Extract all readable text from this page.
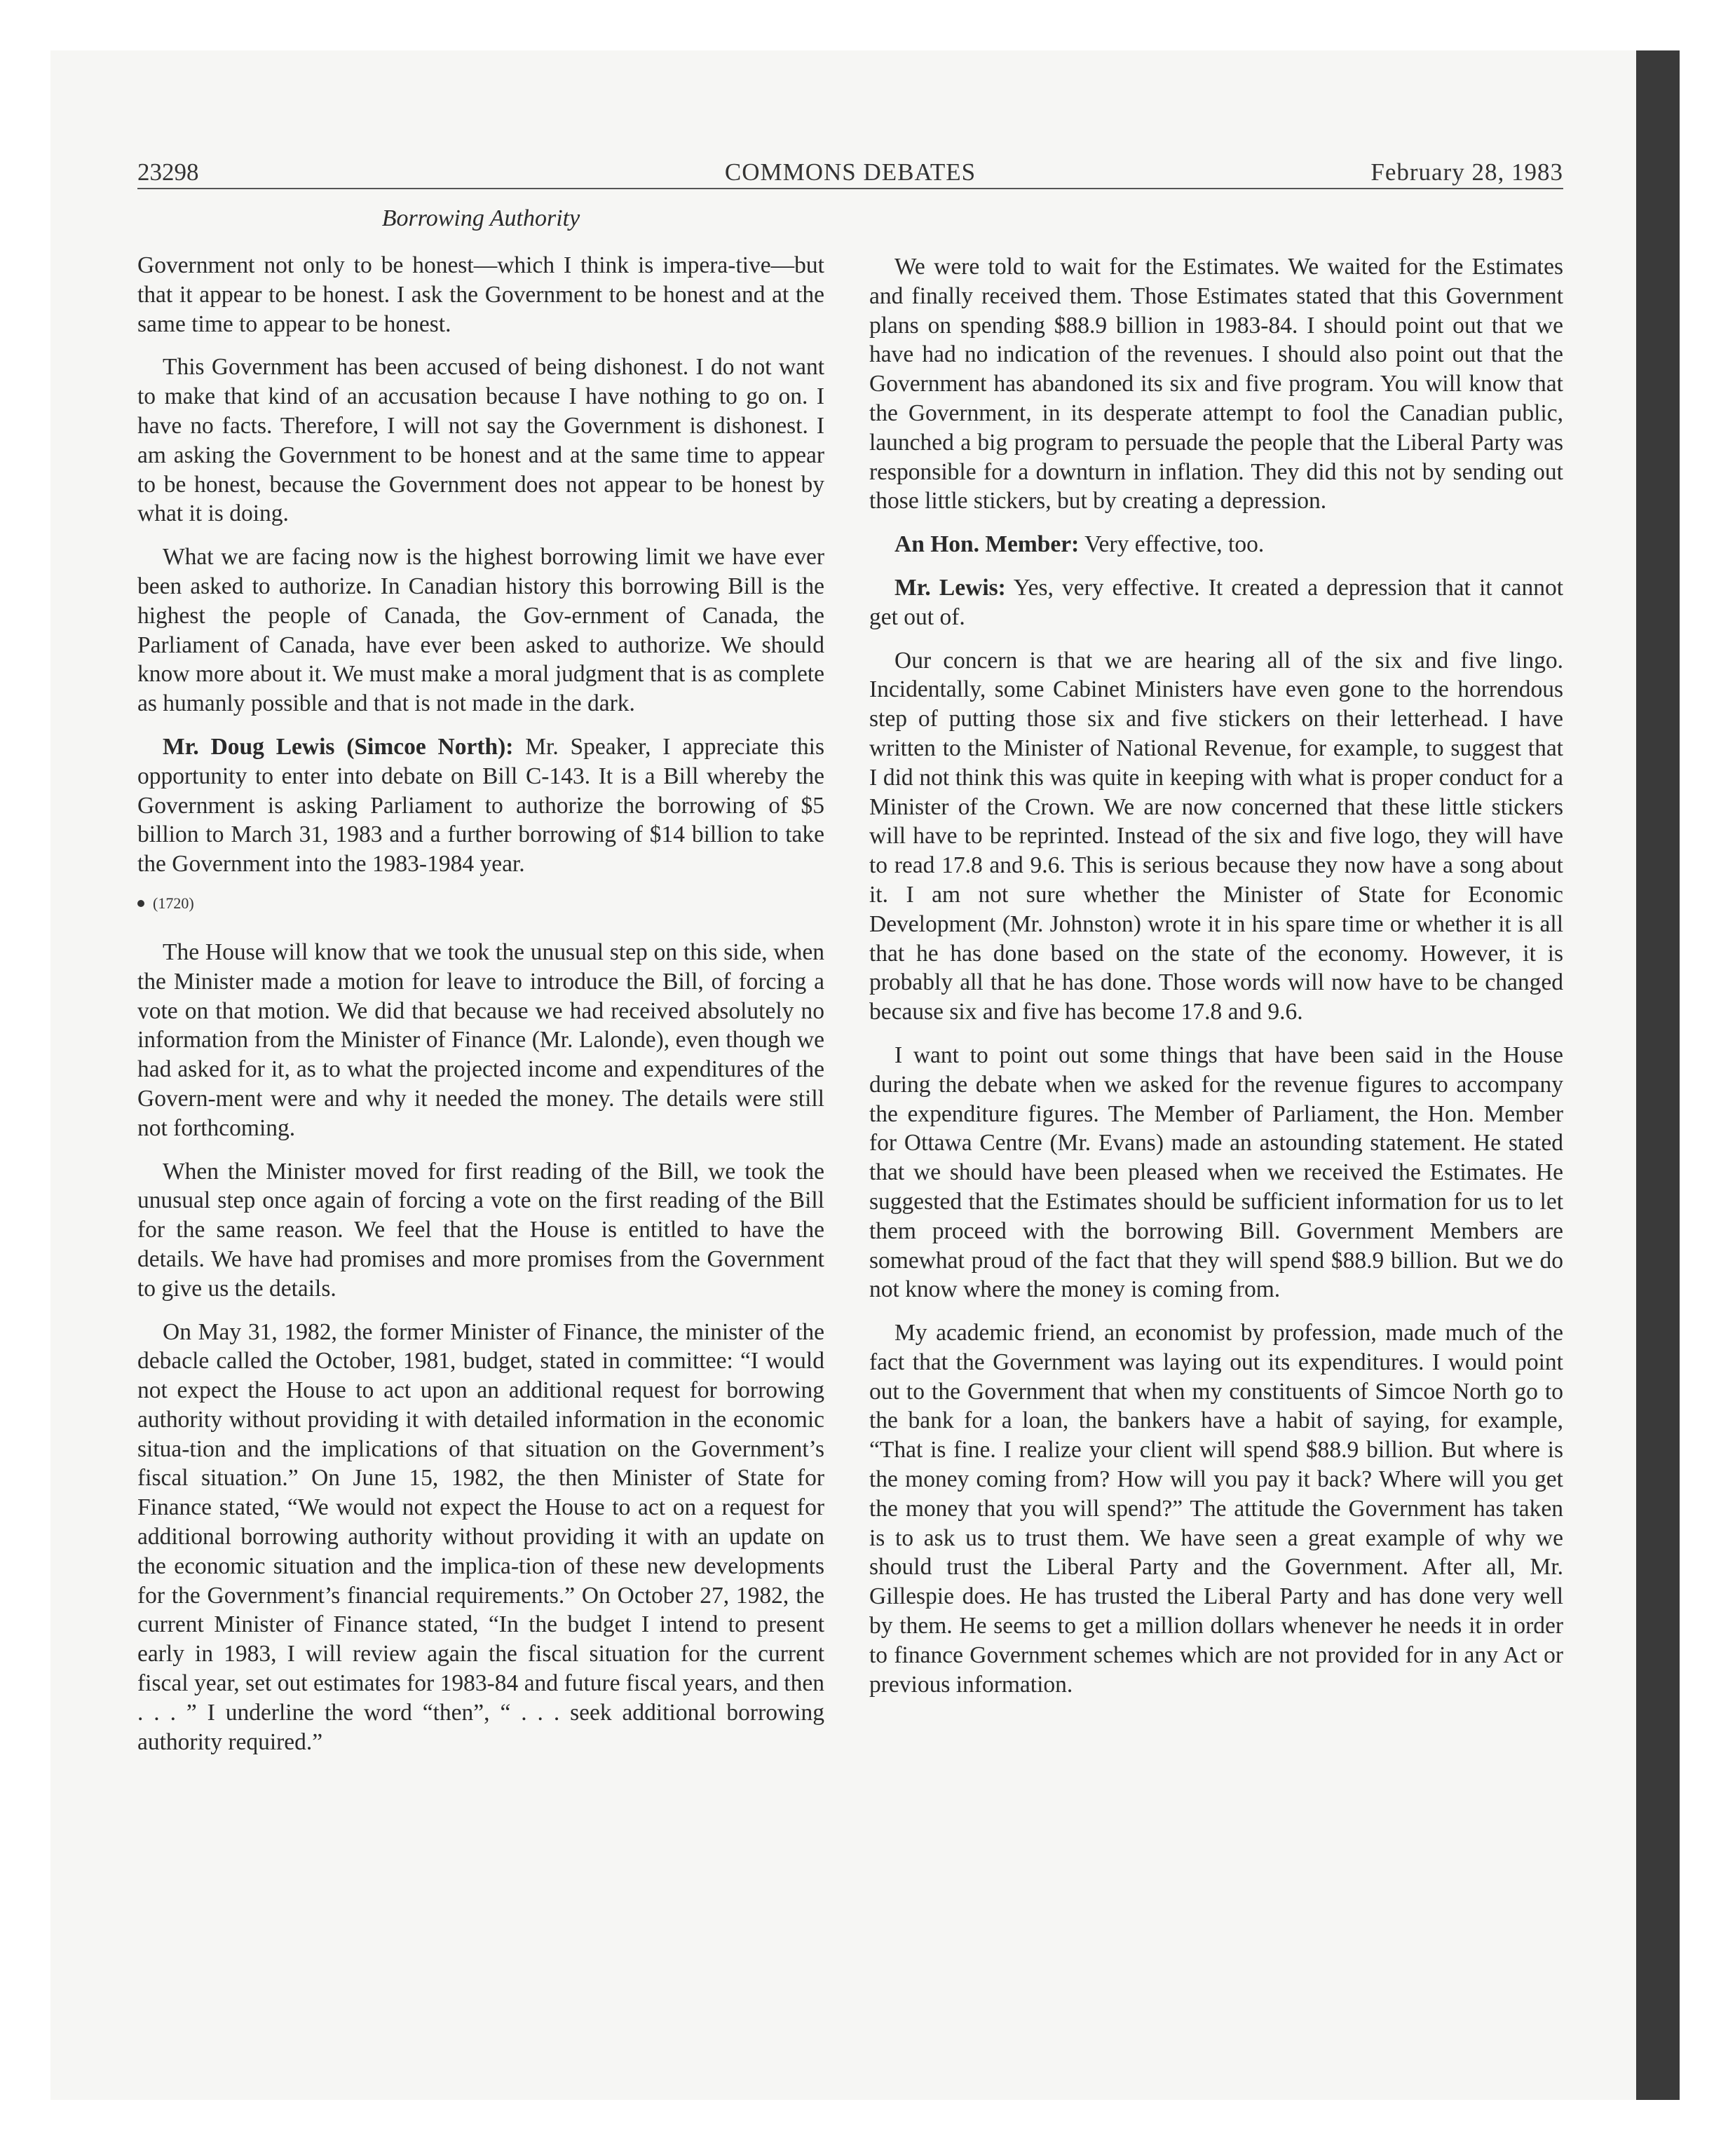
23298	COMMONS DEBATES	February 28, 1983
Borrowing Authority

Government not only to be honest—which I think is impera-tive—but that it appear to be honest. I ask the Government to be honest and at the same time to appear to be honest.

This Government has been accused of being dishonest. I do not want to make that kind of an accusation because I have nothing to go on. I have no facts. Therefore, I will not say the Government is dishonest. I am asking the Government to be honest and at the same time to appear to be honest, because the Government does not appear to be honest by what it is doing.

What we are facing now is the highest borrowing limit we have ever been asked to authorize. In Canadian history this borrowing Bill is the highest the people of Canada, the Gov-ernment of Canada, the Parliament of Canada, have ever been asked to authorize. We should know more about it. We must make a moral judgment that is as complete as humanly possible and that is not made in the dark.

Mr. Doug Lewis (Simcoe North): Mr. Speaker, I appreciate this opportunity to enter into debate on Bill C-143. It is a Bill whereby the Government is asking Parliament to authorize the borrowing of $5 billion to March 31, 1983 and a further borrowing of $14 billion to take the Government into the 1983-1984 year.

(1720)

The House will know that we took the unusual step on this side, when the Minister made a motion for leave to introduce the Bill, of forcing a vote on that motion. We did that because we had received absolutely no information from the Minister of Finance (Mr. Lalonde), even though we had asked for it, as to what the projected income and expenditures of the Govern-ment were and why it needed the money. The details were still not forthcoming.

When the Minister moved for first reading of the Bill, we took the unusual step once again of forcing a vote on the first reading of the Bill for the same reason. We feel that the House is entitled to have the details. We have had promises and more promises from the Government to give us the details.

On May 31, 1982, the former Minister of Finance, the minister of the debacle called the October, 1981, budget, stated in committee: “I would not expect the House to act upon an additional request for borrowing authority without providing it with detailed information in the economic situa-tion and the implications of that situation on the Government’s fiscal situation.” On June 15, 1982, the then Minister of State for Finance stated, “We would not expect the House to act on a request for additional borrowing authority without providing it with an update on the economic situation and the implica-tion of these new developments for the Government’s financial requirements.” On October 27, 1982, the current Minister of Finance stated, “In the budget I intend to present early in 1983, I will review again the fiscal situation for the current fiscal year, set out estimates for 1983-84 and future fiscal years, and then . . . ” I underline the word “then”, “ . . . seek additional borrowing authority required.”

We were told to wait for the Estimates. We waited for the Estimates and finally received them. Those Estimates stated that this Government plans on spending $88.9 billion in 1983-84. I should point out that we have had no indication of the revenues. I should also point out that the Government has abandoned its six and five program. You will know that the Government, in its desperate attempt to fool the Canadian public, launched a big program to persuade the people that the Liberal Party was responsible for a downturn in inflation. They did this not by sending out those little stickers, but by creating a depression.

An Hon. Member: Very effective, too.

Mr. Lewis: Yes, very effective. It created a depression that it cannot get out of.

Our concern is that we are hearing all of the six and five lingo. Incidentally, some Cabinet Ministers have even gone to the horrendous step of putting those six and five stickers on their letterhead. I have written to the Minister of National Revenue, for example, to suggest that I did not think this was quite in keeping with what is proper conduct for a Minister of the Crown. We are now concerned that these little stickers will have to be reprinted. Instead of the six and five logo, they will have to read 17.8 and 9.6. This is serious because they now have a song about it. I am not sure whether the Minister of State for Economic Development (Mr. Johnston) wrote it in his spare time or whether it is all that he has done based on the state of the economy. However, it is probably all that he has done. Those words will now have to be changed because six and five has become 17.8 and 9.6.

I want to point out some things that have been said in the House during the debate when we asked for the revenue figures to accompany the expenditure figures. The Member of Parliament, the Hon. Member for Ottawa Centre (Mr. Evans) made an astounding statement. He stated that we should have been pleased when we received the Estimates. He suggested that the Estimates should be sufficient information for us to let them proceed with the borrowing Bill. Government Members are somewhat proud of the fact that they will spend $88.9 billion. But we do not know where the money is coming from.

My academic friend, an economist by profession, made much of the fact that the Government was laying out its expenditures. I would point out to the Government that when my constituents of Simcoe North go to the bank for a loan, the bankers have a habit of saying, for example, “That is fine. I realize your client will spend $88.9 billion. But where is the money coming from? How will you pay it back? Where will you get the money that you will spend?” The attitude the Government has taken is to ask us to trust them. We have seen a great example of why we should trust the Liberal Party and the Government. After all, Mr. Gillespie does. He has trusted the Liberal Party and has done very well by them. He seems to get a million dollars whenever he needs it in order to finance Government schemes which are not provided for in any Act or previous information.
